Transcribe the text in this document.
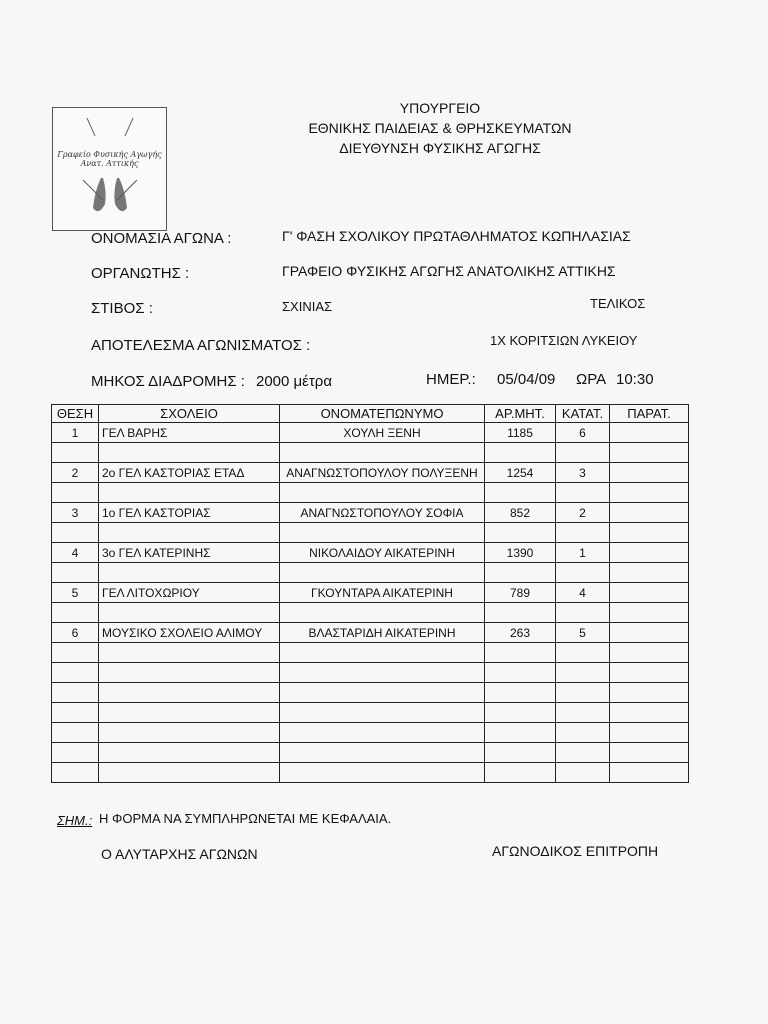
Γραφείο Φυσικής Αγωγής
Ανατ. Αττικής
ΥΠΟΥΡΓΕΙΟ
ΕΘΝΙΚΗΣ ΠΑΙΔΕΙΑΣ & ΘΡΗΣΚΕΥΜΑΤΩΝ
ΔΙΕΥΘΥΝΣΗ ΦΥΣΙΚΗΣ ΑΓΩΓΗΣ
ΟΝΟΜΑΣΙΑ ΑΓΩΝΑ :	Γ' ΦΑΣΗ ΣΧΟΛΙΚΟΥ ΠΡΩΤΑΘΛΗΜΑΤΟΣ ΚΩΠΗΛΑΣΙΑΣ
ΟΡΓΑΝΩΤΗΣ :	ΓΡΑΦΕΙΟ ΦΥΣΙΚΗΣ ΑΓΩΓΗΣ ΑΝΑΤΟΛΙΚΗΣ ΑΤΤΙΚΗΣ
ΣΤΙΒΟΣ :	ΣΧΙΝΙΑΣ	ΤΕΛΙΚΟΣ
ΑΠΟΤΕΛΕΣΜΑ ΑΓΩΝΙΣΜΑΤΟΣ :	1Χ ΚΟΡΙΤΣΙΩΝ ΛΥΚΕΙΟΥ
ΜΗΚΟΣ ΔΙΑΔΡΟΜΗΣ : 2000 μέτρα	ΗΜΕΡ.: 05/04/09 ΩΡΑ 10:30
ΘΕΣΗ	ΣΧΟΛΕΙΟ	ΟΝΟΜΑΤΕΠΩΝΥΜΟ	ΑΡ.ΜΗΤ.	ΚΑΤΑΤ.	ΠΑΡΑΤ.
1	ΓΕΛ ΒΑΡΗΣ	ΧΟΥΛΗ ΞΕΝΗ	1185	6	

2	2ο ΓΕΛ ΚΑΣΤΟΡΙΑΣ ΕΤΑΔ	ΑΝΑΓΝΩΣΤΟΠΟΥΛΟΥ ΠΟΛΥΞΕΝΗ	1254	3	

3	1ο ΓΕΛ ΚΑΣΤΟΡΙΑΣ	ΑΝΑΓΝΩΣΤΟΠΟΥΛΟΥ ΣΟΦΙΑ	852	2	

4	3ο ΓΕΛ ΚΑΤΕΡΙΝΗΣ	ΝΙΚΟΛΑΙΔΟΥ ΑΙΚΑΤΕΡΙΝΗ	1390	1	

5	ΓΕΛ ΛΙΤΟΧΩΡΙΟΥ	ΓΚΟΥΝΤΑΡΑ ΑΙΚΑΤΕΡΙΝΗ	789	4	

6	ΜΟΥΣΙΚΟ ΣΧΟΛΕΙΟ ΑΛΙΜΟΥ	ΒΛΑΣΤΑΡΙΔΗ ΑΙΚΑΤΕΡΙΝΗ	263	5	

ΣΗΜ.: Η ΦΟΡΜΑ ΝΑ ΣΥΜΠΛΗΡΩΝΕΤΑΙ ΜΕ ΚΕΦΑΛΑΙΑ.
Ο ΑΛΥΤΑΡΧΗΣ ΑΓΩΝΩΝ	ΑΓΩΝΟΔΙΚΟΣ ΕΠΙΤΡΟΠΗ
